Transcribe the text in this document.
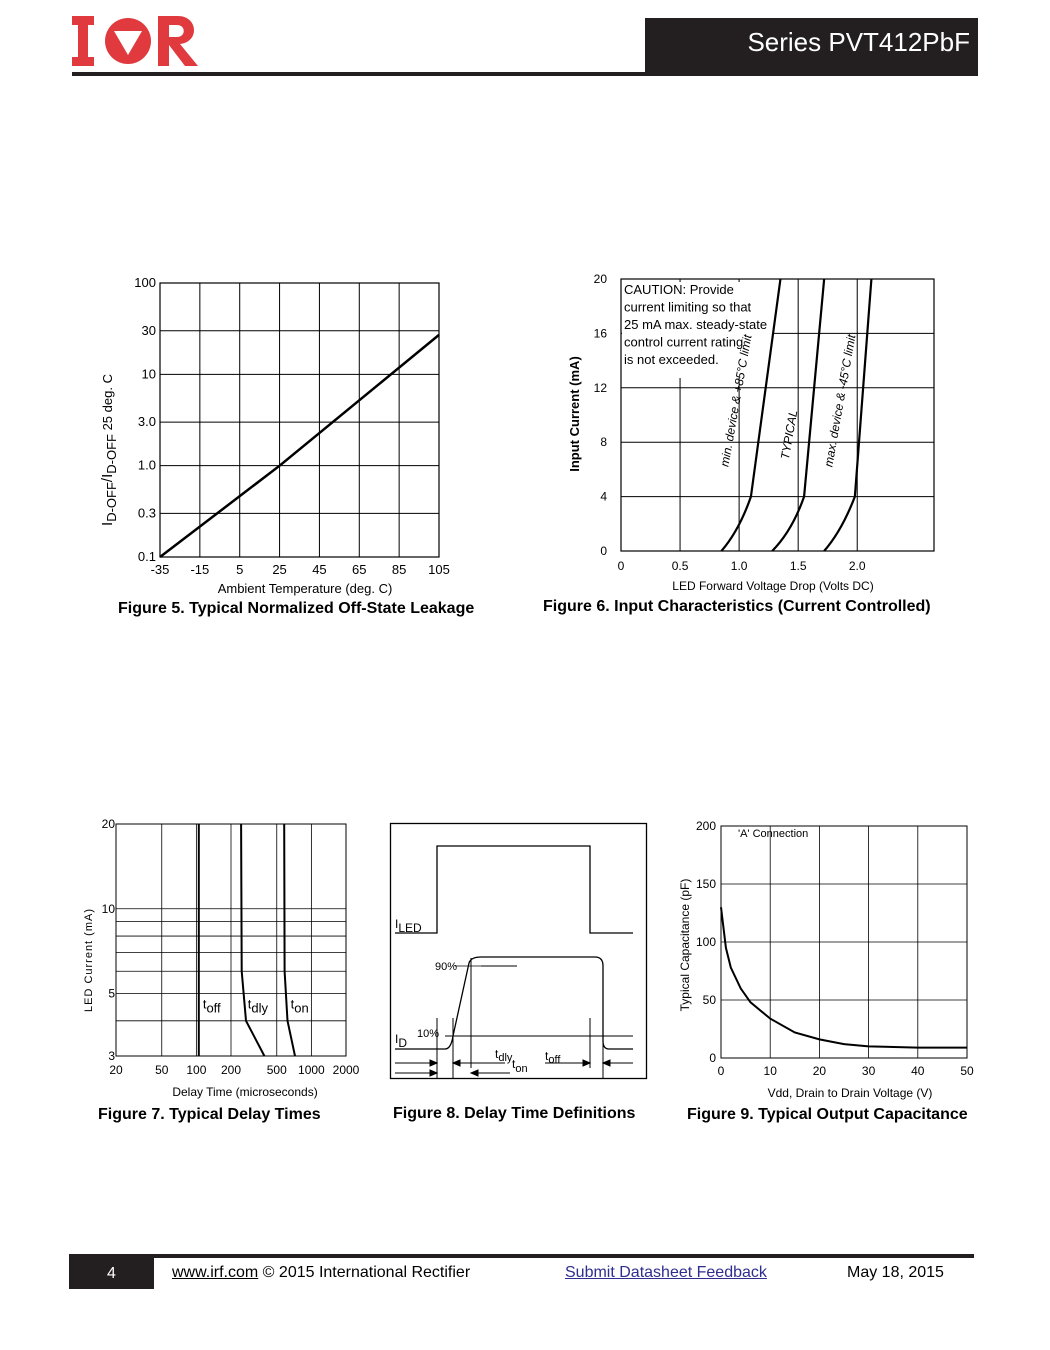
Series PVT412PbF
-35 -15 5 25 45 65 85 105
0.1
0.3
1.0
3.0
10
30
100
Ambient Temperature (deg. C)
ID-OFF/ID-OFF 25 deg. C
Figure 5. Typical Normalized Off-State Leakage
0	0.5	1.0	1.5	2.0
0
4
8
12
16
20
LED Forward Voltage Drop (Volts DC)
Input Current (mA)
CAUTION: Provide
current limiting so that
25 mA max. steady-state
control current rating
is not exceeded.
min. device & +85°C limit TYPICAL max. device & -45°C limit
Figure 6. Input Characteristics (Current Controlled)
20	50 100 200 500 1000 2000
3
5
10
20
Delay Time (microseconds)
LED Current (mA)	toff tdly ton
Figure 7. Typical Delay Times
ILED
ID
90%
10%
tdly	toff
ton
Figure 8. Delay Time Definitions
0	10	20	30	40	50
0
50
100
150
200
Vdd, Drain to Drain Voltage (V)
Typical Capacitance (pF)
'A' Connection
Figure 9. Typical Output Capacitance
4	www.irf.com © 2015 International Rectifier	Submit Datasheet Feedback	May 18, 2015
